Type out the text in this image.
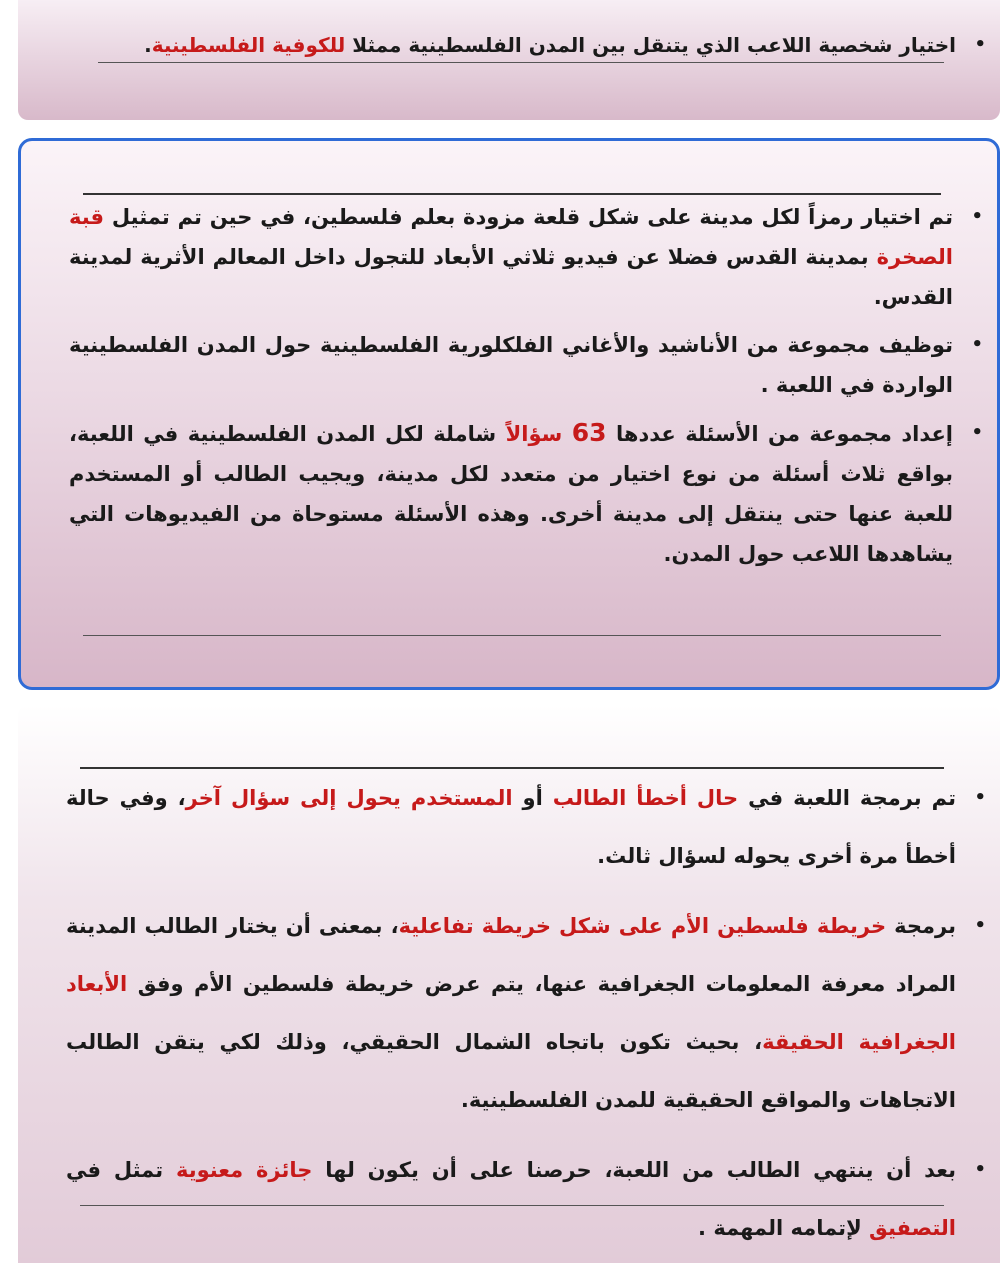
•
اختيار شخصية اللاعب الذي يتنقل بين المدن الفلسطينية ممثلا للكوفية الفلسطينية.
•
تم اختيار رمزاً لكل مدينة على شكل قلعة مزودة بعلم فلسطين، في حين تم تمثيل قبة الصخرة بمدينة القدس فضلا عن فيديو ثلاثي الأبعاد للتجول داخل المعالم الأثرية لمدينة القدس.
•
توظيف مجموعة من الأناشيد والأغاني الفلكلورية الفلسطينية حول المدن الفلسطينية الواردة في اللعبة .
•
إعداد مجموعة من الأسئلة عددها 63 سؤالاً شاملة لكل المدن الفلسطينية في اللعبة، بواقع ثلاث أسئلة من نوع اختيار من متعدد لكل مدينة، ويجيب الطالب أو المستخدم للعبة عنها حتى ينتقل إلى مدينة أخرى. وهذه الأسئلة مستوحاة من الفيديوهات التي يشاهدها اللاعب حول المدن.
•
تم برمجة اللعبة في حال أخطأ الطالب أو المستخدم يحول إلى سؤال آخر، وفي حالة أخطأ مرة أخرى يحوله لسؤال ثالث.
•
برمجة خريطة فلسطين الأم على شكل خريطة تفاعلية، بمعنى أن يختار الطالب المدينة المراد معرفة المعلومات الجغرافية عنها، يتم عرض خريطة فلسطين الأم وفق الأبعاد الجغرافية الحقيقة، بحيث تكون باتجاه الشمال الحقيقي، وذلك لكي يتقن الطالب الاتجاهات والمواقع الحقيقية للمدن الفلسطينية.
•
بعد أن ينتهي الطالب من اللعبة، حرصنا على أن يكون لها جائزة معنوية تمثل في التصفيق لإتمامه المهمة .
